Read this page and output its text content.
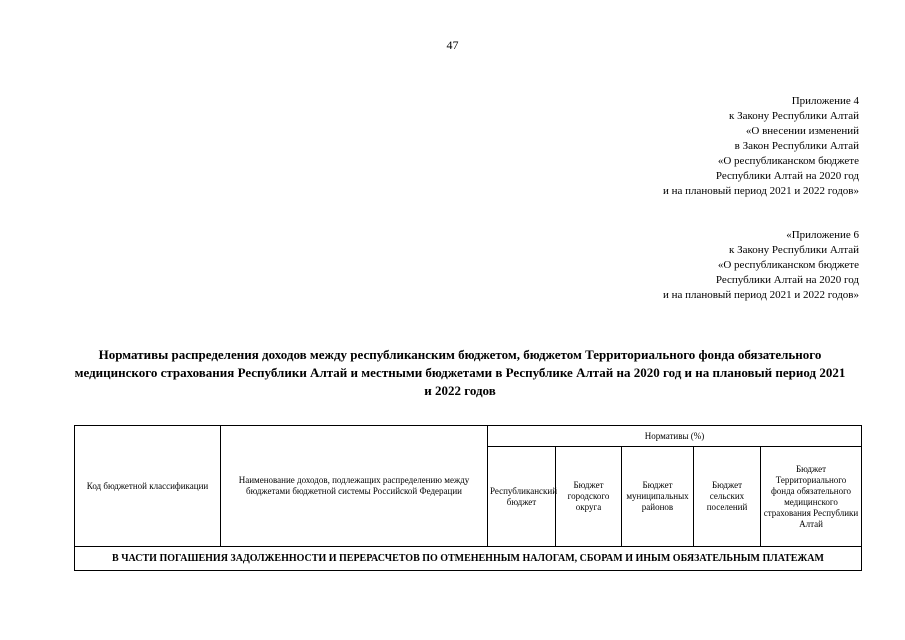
47
Приложение 4
к Закону Республики Алтай
«О внесении изменений
в Закон Республики Алтай
«О республиканском бюджете
Республики Алтай на 2020 год
и на плановый период 2021 и 2022 годов»
«Приложение 6
к Закону Республики Алтай
«О республиканском бюджете
Республики Алтай на 2020 год
и на плановый период 2021 и 2022 годов»
Нормативы распределения доходов между республиканским бюджетом, бюджетом Территориального фонда обязательного медицинского страхования Республики Алтай и местными бюджетами в Республике Алтай на 2020 год и на плановый период 2021 и 2022 годов
Код бюджетной классификации	Наименование доходов, подлежащих распределению между бюджетами бюджетной системы Российской Федерации	Нормативы (%)				
		Республиканский бюджет	Бюджет городского округа	Бюджет муниципальных районов	Бюджет сельских поселений	Бюджет Территориального фонда обязательного медицинского страхования Республики Алтай
В ЧАСТИ ПОГАШЕНИЯ ЗАДОЛЖЕННОСТИ И ПЕРЕРАСЧЕТОВ ПО ОТМЕНЕННЫМ НАЛОГАМ, СБОРАМ И ИНЫМ ОБЯЗАТЕЛЬНЫМ ПЛАТЕЖАМ						
